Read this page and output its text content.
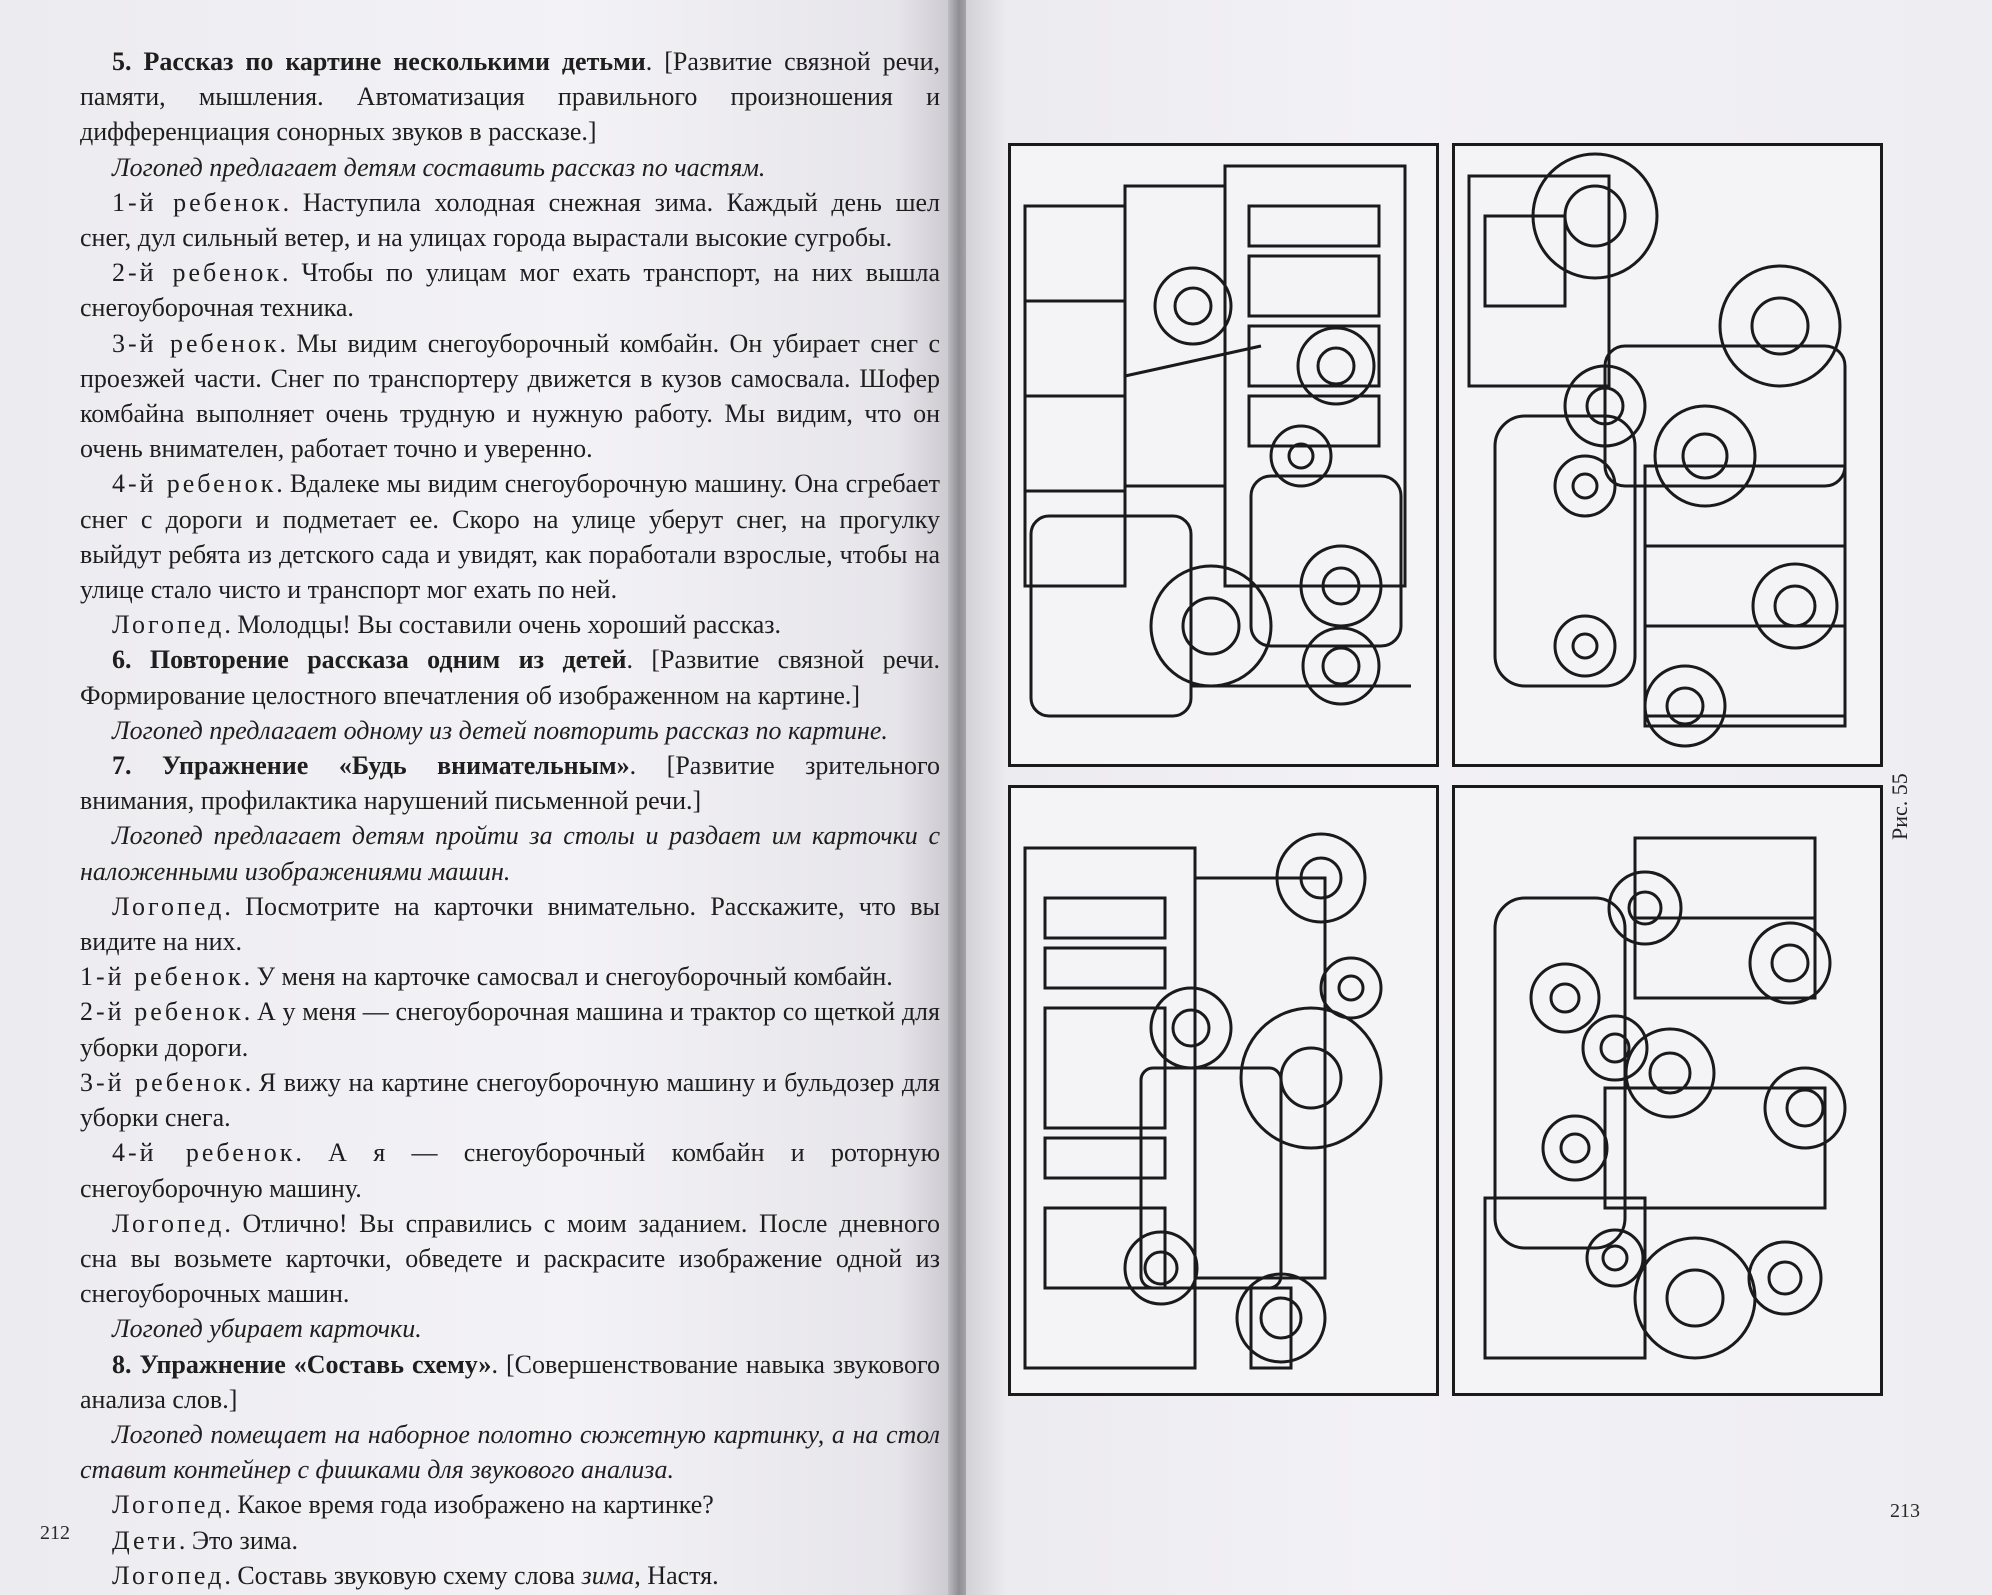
5. Рассказ по картине несколькими детьми. [Развитие связной речи, памяти, мышления. Автоматизация правильного произношения и дифференциация сонорных звуков в рассказе.]

Логопед предлагает детям составить рассказ по частям.

1-й ребенок. Наступила холодная снежная зима. Каждый день шел снег, дул сильный ветер, и на улицах города вырастали высокие сугробы.

2-й ребенок. Чтобы по улицам мог ехать транспорт, на них вышла снегоуборочная техника.

3-й ребенок. Мы видим снегоуборочный комбайн. Он убирает снег с проезжей части. Снег по транспортеру движется в кузов самосвала. Шофер комбайна выполняет очень трудную и нужную работу. Мы видим, что он очень внимателен, работает точно и уверенно.

4-й ребенок. Вдалеке мы видим снегоуборочную машину. Она сгребает снег с дороги и подметает ее. Скоро на улице уберут снег, на прогулку выйдут ребята из детского сада и увидят, как поработали взрослые, чтобы на улице стало чисто и транспорт мог ехать по ней.

Логопед. Молодцы! Вы составили очень хороший рассказ.

6. Повторение рассказа одним из детей. [Развитие связной речи. Формирование целостного впечатления об изображенном на картине.]

Логопед предлагает одному из детей повторить рассказ по картине.

7. Упражнение «Будь внимательным». [Развитие зрительного внимания, профилактика нарушений письменной речи.]

Логопед предлагает детям пройти за столы и раздает им карточки с наложенными изображениями машин.

Логопед. Посмотрите на карточки внимательно. Расскажите, что вы видите на них.

1-й ребенок. У меня на карточке самосвал и снегоуборочный комбайн.

2-й ребенок. А у меня — снегоуборочная машина и трактор со щеткой для уборки дороги.

3-й ребенок. Я вижу на картине снегоуборочную машину и бульдозер для уборки снега.

4-й ребенок. А я — снегоуборочный комбайн и роторную снегоуборочную машину.

Логопед. Отлично! Вы справились с моим заданием. После дневного сна вы возьмете карточки, обведете и раскрасите изображение одной из снегоуборочных машин.

Логопед убирает карточки.

8. Упражнение «Составь схему». [Совершенствование навыка звукового анализа слов.]

Логопед помещает на наборное полотно сюжетную картинку, а на стол ставит контейнер с фишками для звукового анализа.

Логопед. Какое время года изображено на картинке?

Дети. Это зима.

Логопед. Составь звуковую схему слова зима, Настя.

212
Рис. 55
213
